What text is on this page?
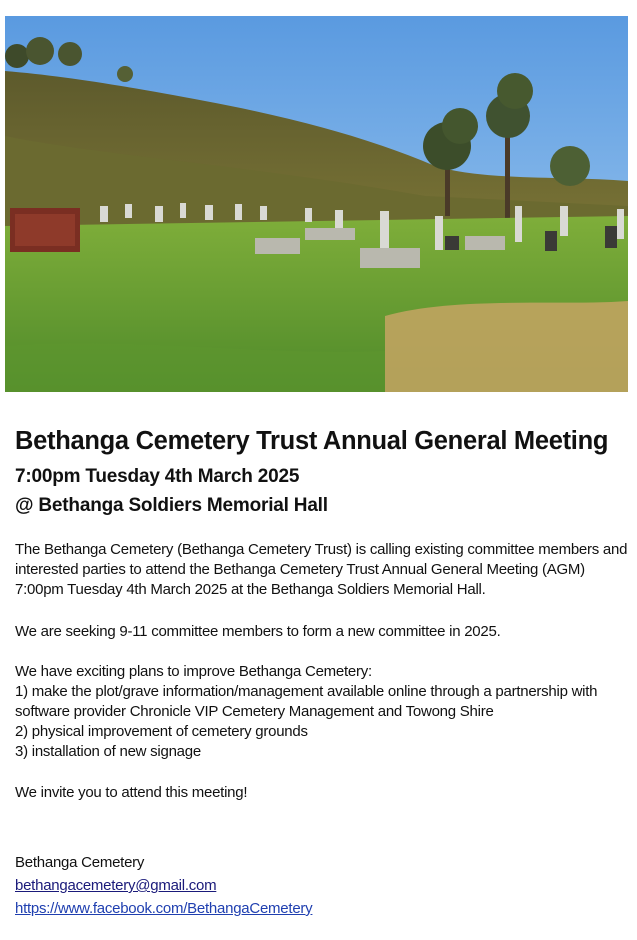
Bethanga Cemetery Trust Annual General Meeting
7:00pm Tuesday 4th March 2025
@ Bethanga Soldiers Memorial Hall

The Bethanga Cemetery (Bethanga Cemetery Trust) is calling existing committee members and interested parties to attend the Bethanga Cemetery Trust Annual General Meeting (AGM) 7:00pm Tuesday 4th March 2025 at the Bethanga Soldiers Memorial Hall.

We are seeking 9-11 committee members to form a new committee in 2025.

We have exciting plans to improve Bethanga Cemetery:

1) make the plot/grave information/management available online through a partnership with software provider Chronicle VIP Cemetery Management and Towong Shire

2) physical improvement of cemetery grounds

3) installation of new signage

We invite you to attend this meeting!

Bethanga Cemetery

bethangacemetery@gmail.com

https://www.facebook.com/BethangaCemetery
